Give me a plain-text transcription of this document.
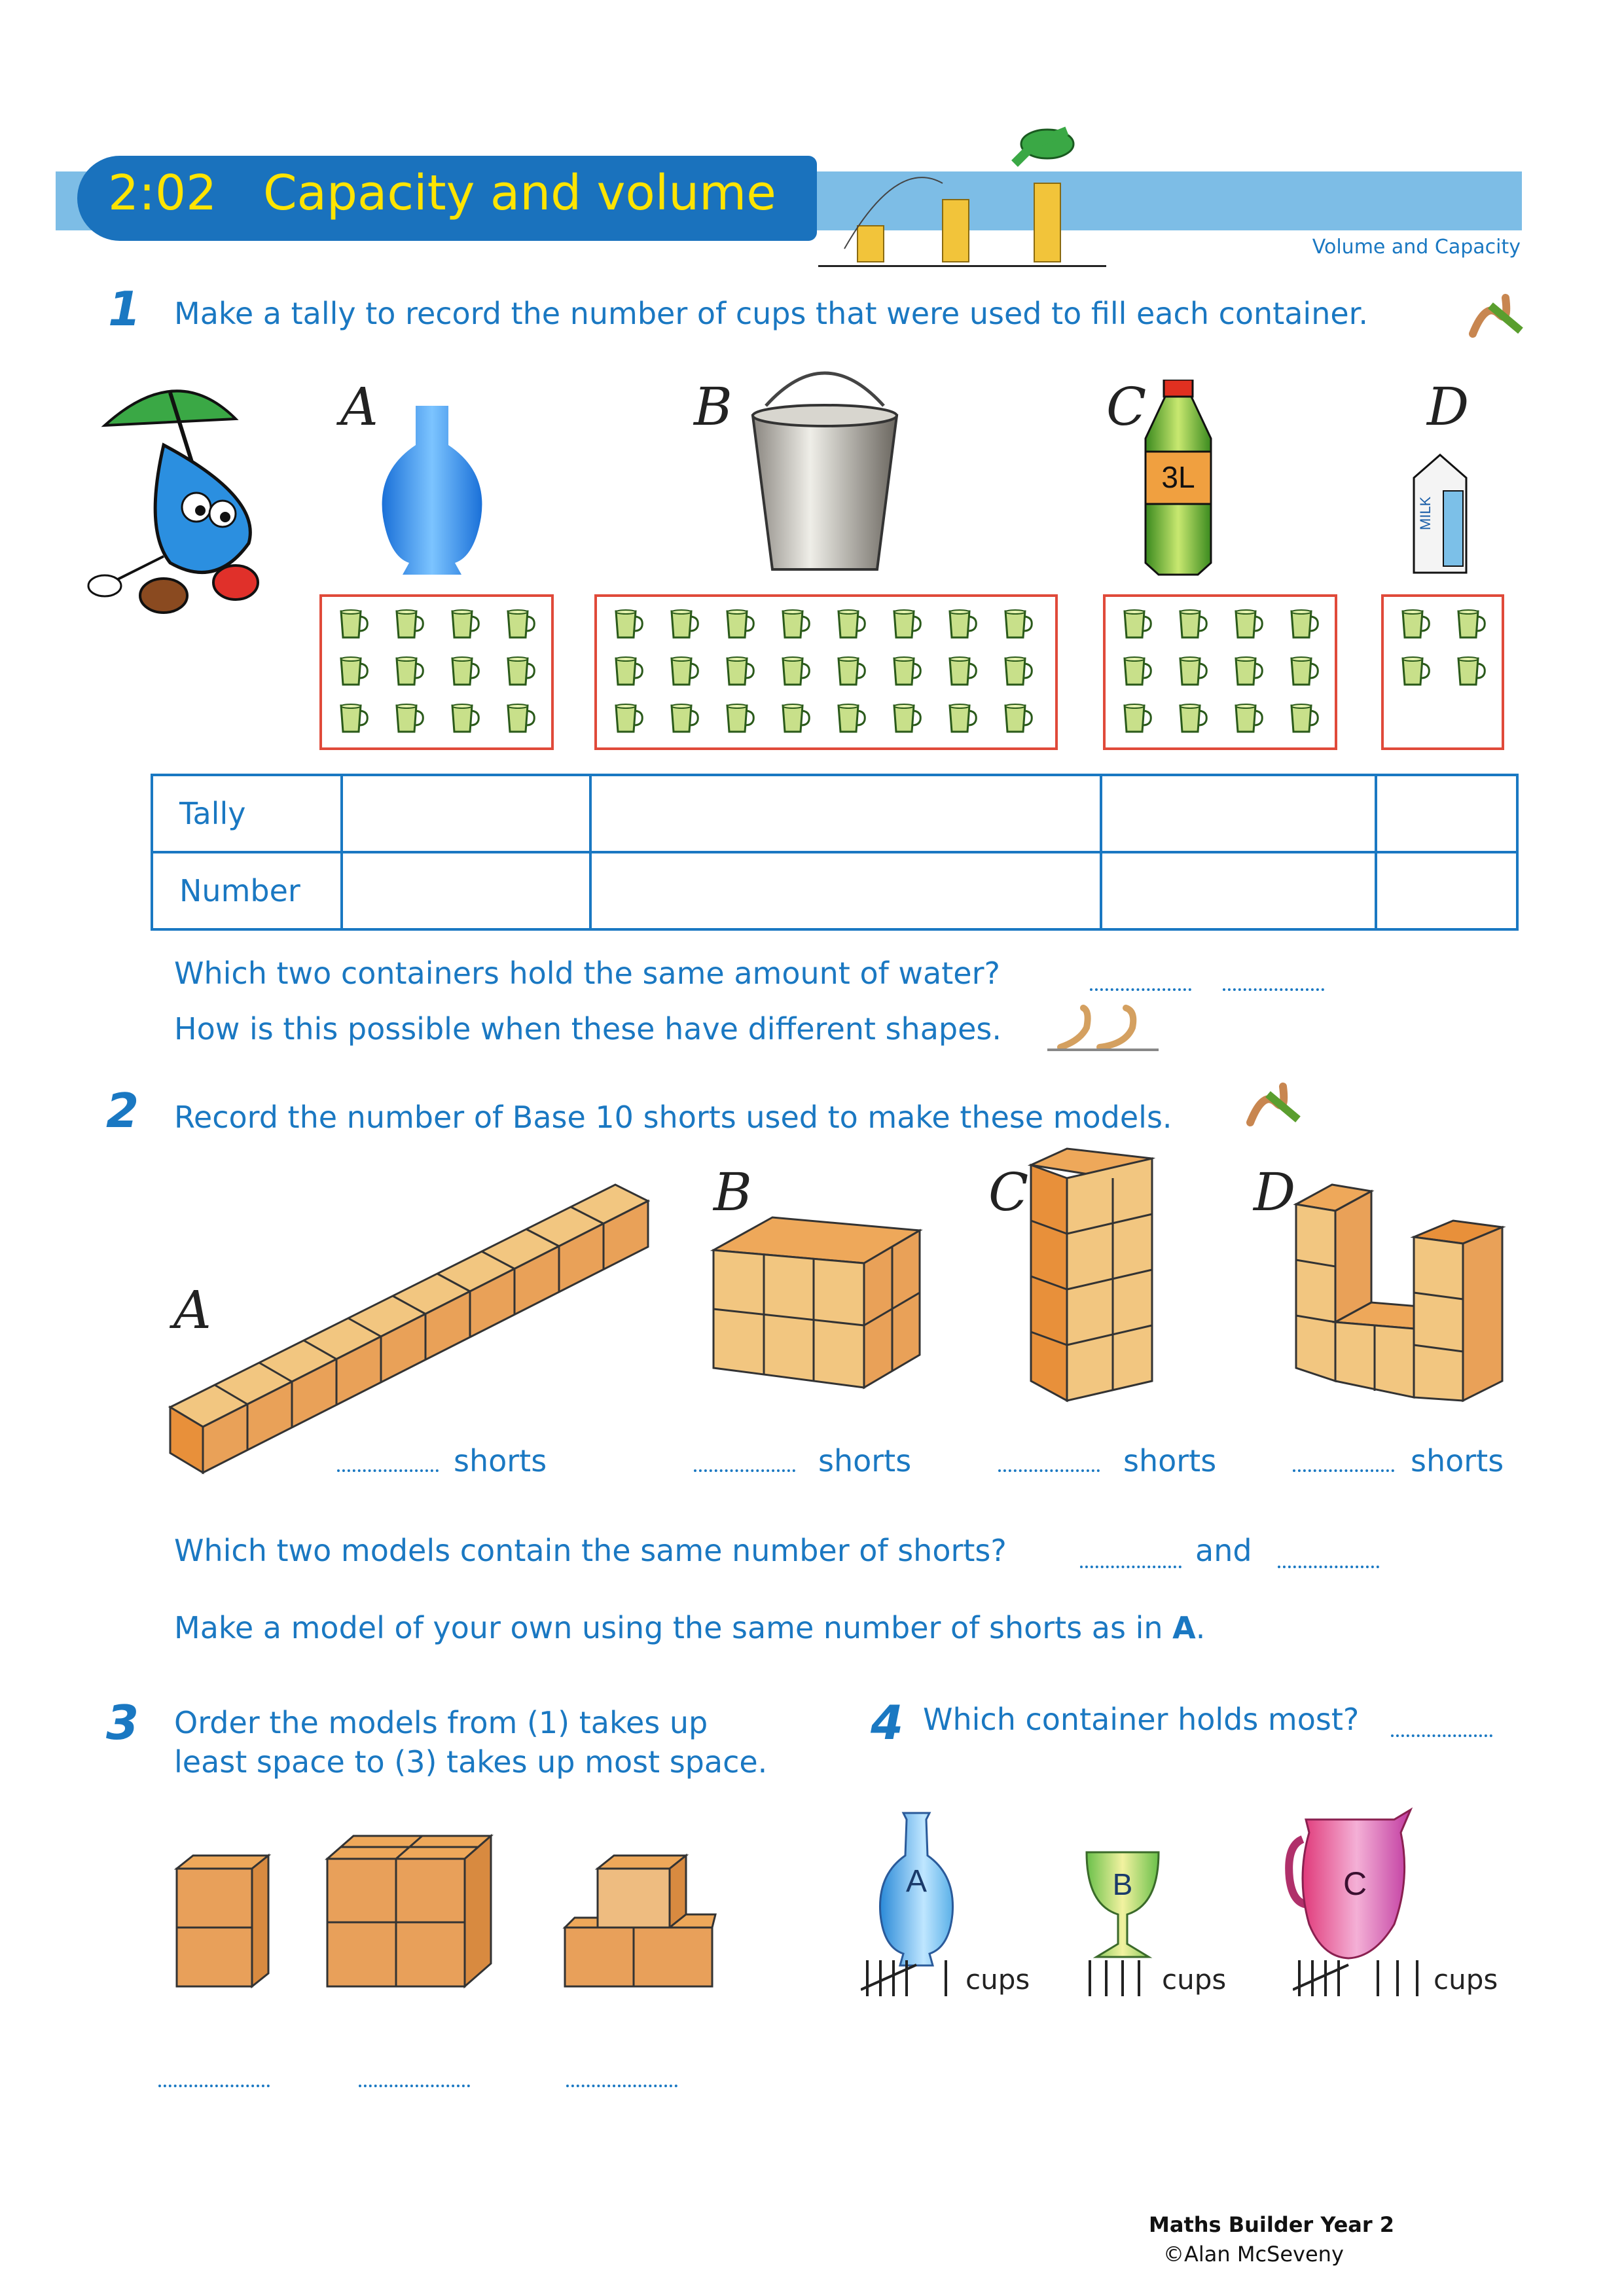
2:02 Capacity and volume
Volume and Capacity
1 Make a tally to record the number of cups that were used to fill each container.
A	B	C	D
3L
MILK
Tally				
Number				
Which two containers hold the same amount of water?
How is this possible when these have different shapes.
2 Record the number of Base 10 shorts used to make these models.
A
B	C	D
shorts	shorts	shorts	shorts
Which two models contain the same number of shorts?	and
Make a model of your own using the same number of shorts as in A.
3 Order the models from (1) takes up
least space to (3) takes up most space.
4 Which container holds most?
A	B	C
cups	cups	cups
Maths Builder Year 2
©Alan McSeveny
